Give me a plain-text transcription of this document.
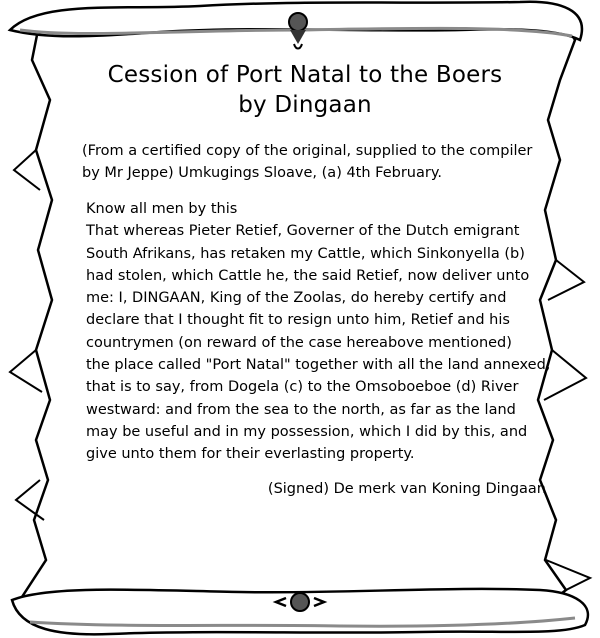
Cession of Port Natal to the Boers
by Dingaan
(From a certified copy of the original, supplied to the compiler
by Mr Jeppe) Umkugings Sloave, (a) 4th February.
Know all men by this
That whereas Pieter Retief, Governer of the Dutch emigrant
South Afrikans, has retaken my Cattle, which Sinkonyella (b)
had stolen, which Cattle he, the said Retief, now deliver unto
me: I, DINGAAN, King of the Zoolas, do hereby certify and
declare that I thought fit to resign unto him, Retief and his
countrymen (on reward of the case hereabove mentioned)
the place called "Port Natal" together with all the land annexed,
that is to say, from Dogela (c) to the Omsoboeboe (d) River
westward: and from the sea to the north, as far as the land
may be useful and in my possession, which I did by this, and
give unto them for their everlasting property.
(Signed) De merk van Koning Dingaan
